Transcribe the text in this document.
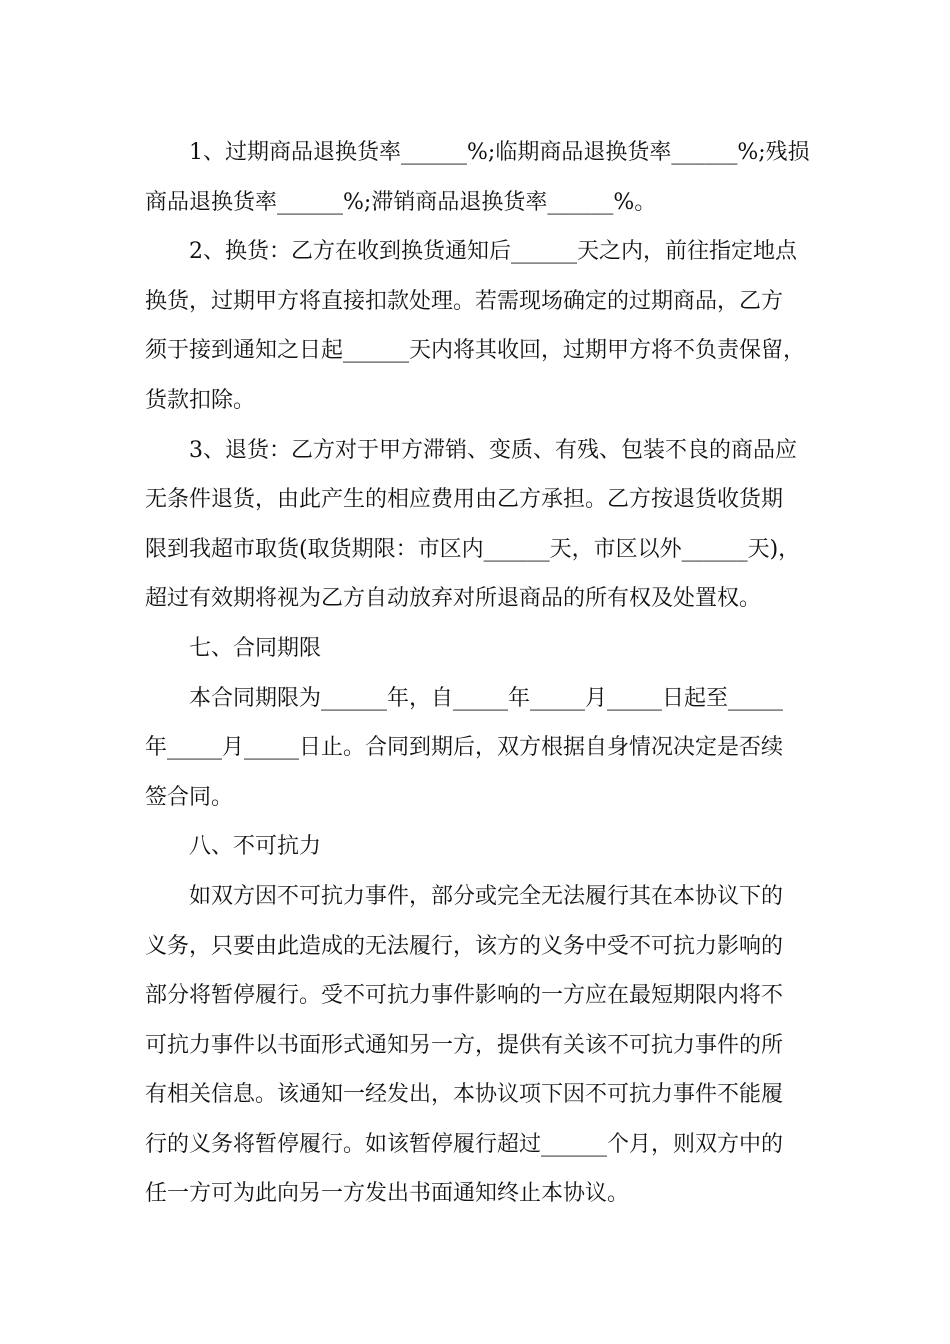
1、过期商品退换货率______%;临期商品退换货率______%;残损
商品退换货率______%;滞销商品退换货率______%。

2、换货：乙方在收到换货通知后______天之内，前往指定地点
换货，过期甲方将直接扣款处理。若需现场确定的过期商品，乙方
须于接到通知之日起______天内将其收回，过期甲方将不负责保留，
货款扣除。

3、退货：乙方对于甲方滞销、变质、有残、包装不良的商品应
无条件退货，由此产生的相应费用由乙方承担。乙方按退货收货期
限到我超市取货(取货期限：市区内______天，市区以外______天)，
超过有效期将视为乙方自动放弃对所退商品的所有权及处置权。

七、合同期限

本合同期限为______年，自_____年_____月_____日起至_____
年_____月_____日止。合同到期后，双方根据自身情况决定是否续
签合同。

八、不可抗力

如双方因不可抗力事件，部分或完全无法履行其在本协议下的
义务，只要由此造成的无法履行，该方的义务中受不可抗力影响的
部分将暂停履行。受不可抗力事件影响的一方应在最短期限内将不
可抗力事件以书面形式通知另一方，提供有关该不可抗力事件的所
有相关信息。该通知一经发出，本协议项下因不可抗力事件不能履
行的义务将暂停履行。如该暂停履行超过______个月，则双方中的
任一方可为此向另一方发出书面通知终止本协议。
